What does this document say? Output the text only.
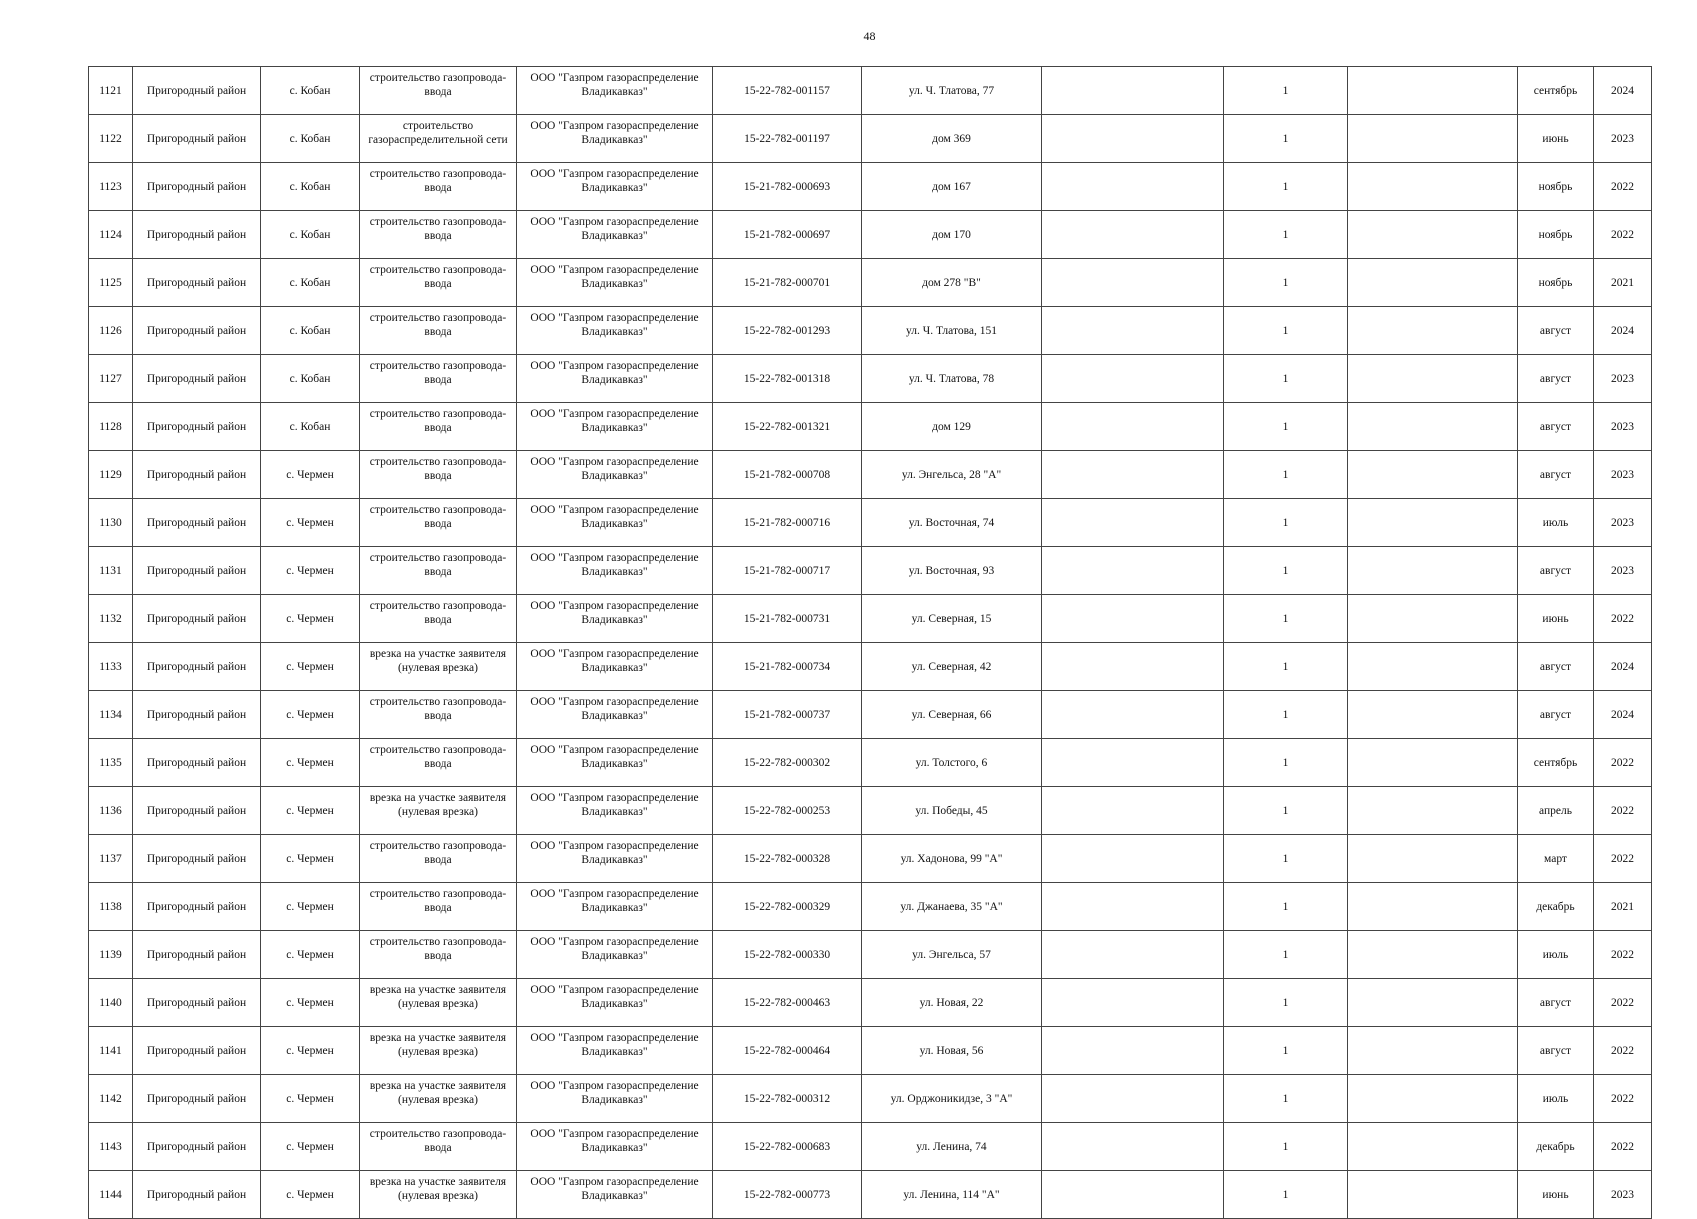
48
1121	Пригородный район	с. Кобан	строительство газопровода-ввода	ООО "Газпром газораспределение Владикавказ"	15-22-782-001157	ул. Ч. Тлатова, 77		1		сентябрь	2024
1122	Пригородный район	с. Кобан	строительство газораспределительной сети	ООО "Газпром газораспределение Владикавказ"	15-22-782-001197	дом 369		1		июнь	2023
1123	Пригородный район	с. Кобан	строительство газопровода-ввода	ООО "Газпром газораспределение Владикавказ"	15-21-782-000693	дом 167		1		ноябрь	2022
1124	Пригородный район	с. Кобан	строительство газопровода-ввода	ООО "Газпром газораспределение Владикавказ"	15-21-782-000697	дом 170		1		ноябрь	2022
1125	Пригородный район	с. Кобан	строительство газопровода-ввода	ООО "Газпром газораспределение Владикавказ"	15-21-782-000701	дом 278 "В"		1		ноябрь	2021
1126	Пригородный район	с. Кобан	строительство газопровода-ввода	ООО "Газпром газораспределение Владикавказ"	15-22-782-001293	ул. Ч. Тлатова, 151		1		август	2024
1127	Пригородный район	с. Кобан	строительство газопровода-ввода	ООО "Газпром газораспределение Владикавказ"	15-22-782-001318	ул. Ч. Тлатова, 78		1		август	2023
1128	Пригородный район	с. Кобан	строительство газопровода-ввода	ООО "Газпром газораспределение Владикавказ"	15-22-782-001321	дом 129		1		август	2023
1129	Пригородный район	с. Чермен	строительство газопровода-ввода	ООО "Газпром газораспределение Владикавказ"	15-21-782-000708	ул. Энгельса, 28 "А"		1		август	2023
1130	Пригородный район	с. Чермен	строительство газопровода-ввода	ООО "Газпром газораспределение Владикавказ"	15-21-782-000716	ул. Восточная, 74		1		июль	2023
1131	Пригородный район	с. Чермен	строительство газопровода-ввода	ООО "Газпром газораспределение Владикавказ"	15-21-782-000717	ул. Восточная, 93		1		август	2023
1132	Пригородный район	с. Чермен	строительство газопровода-ввода	ООО "Газпром газораспределение Владикавказ"	15-21-782-000731	ул. Северная, 15		1		июнь	2022
1133	Пригородный район	с. Чермен	врезка на участке заявителя (нулевая врезка)	ООО "Газпром газораспределение Владикавказ"	15-21-782-000734	ул. Северная, 42		1		август	2024
1134	Пригородный район	с. Чермен	строительство газопровода-ввода	ООО "Газпром газораспределение Владикавказ"	15-21-782-000737	ул. Северная, 66		1		август	2024
1135	Пригородный район	с. Чермен	строительство газопровода-ввода	ООО "Газпром газораспределение Владикавказ"	15-22-782-000302	ул. Толстого, 6		1		сентябрь	2022
1136	Пригородный район	с. Чермен	врезка на участке заявителя (нулевая врезка)	ООО "Газпром газораспределение Владикавказ"	15-22-782-000253	ул. Победы, 45		1		апрель	2022
1137	Пригородный район	с. Чермен	строительство газопровода-ввода	ООО "Газпром газораспределение Владикавказ"	15-22-782-000328	ул. Хадонова, 99 "А"		1		март	2022
1138	Пригородный район	с. Чермен	строительство газопровода-ввода	ООО "Газпром газораспределение Владикавказ"	15-22-782-000329	ул. Джанаева, 35 "А"		1		декабрь	2021
1139	Пригородный район	с. Чермен	строительство газопровода-ввода	ООО "Газпром газораспределение Владикавказ"	15-22-782-000330	ул. Энгельса, 57		1		июль	2022
1140	Пригородный район	с. Чермен	врезка на участке заявителя (нулевая врезка)	ООО "Газпром газораспределение Владикавказ"	15-22-782-000463	ул. Новая, 22		1		август	2022
1141	Пригородный район	с. Чермен	врезка на участке заявителя (нулевая врезка)	ООО "Газпром газораспределение Владикавказ"	15-22-782-000464	ул. Новая, 56		1		август	2022
1142	Пригородный район	с. Чермен	врезка на участке заявителя (нулевая врезка)	ООО "Газпром газораспределение Владикавказ"	15-22-782-000312	ул. Орджоникидзе, 3 "А"		1		июль	2022
1143	Пригородный район	с. Чермен	строительство газопровода-ввода	ООО "Газпром газораспределение Владикавказ"	15-22-782-000683	ул. Ленина, 74		1		декабрь	2022
1144	Пригородный район	с. Чермен	врезка на участке заявителя (нулевая врезка)	ООО "Газпром газораспределение Владикавказ"	15-22-782-000773	ул. Ленина, 114 "А"		1		июнь	2023
